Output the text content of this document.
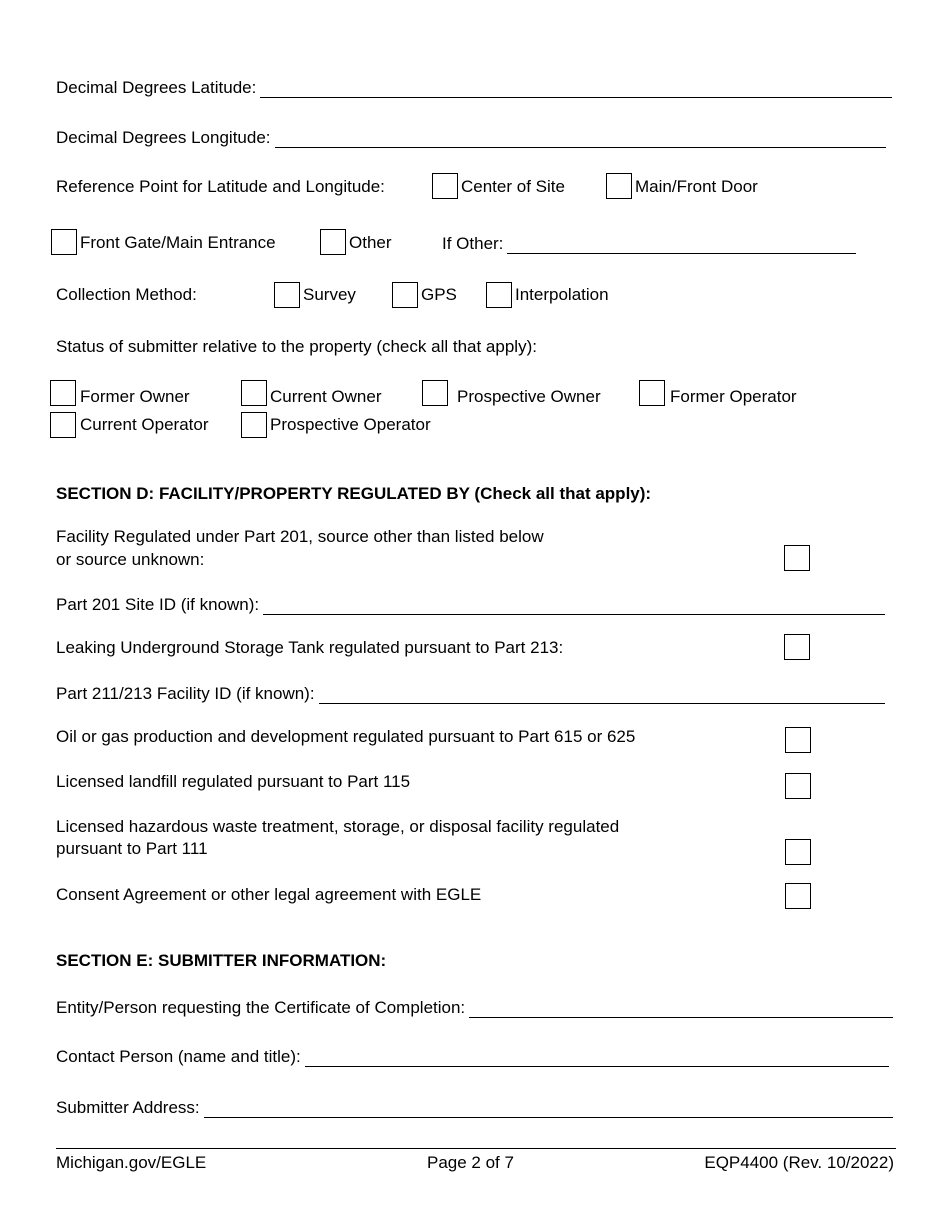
Decimal Degrees Latitude:
Decimal Degrees Longitude:
Reference Point for Latitude and Longitude:	Center of Site	Main/Front Door
Front Gate/Main Entrance	Other	If Other:
Collection Method:	Survey	GPS	Interpolation
Status of submitter relative to the property (check all that apply):
Former Owner	Current Owner	Prospective Owner	Former Operator
Current Operator	Prospective Operator
SECTION D: FACILITY/PROPERTY REGULATED BY (Check all that apply):
Facility Regulated under Part 201, source other than listed below
or source unknown:
Part 201 Site ID (if known):
Leaking Underground Storage Tank regulated pursuant to Part 213:
Part 211/213 Facility ID (if known):
Oil or gas production and development regulated pursuant to Part 615 or 625
Licensed landfill regulated pursuant to Part 115
Licensed hazardous waste treatment, storage, or disposal facility regulated
pursuant to Part 111
Consent Agreement or other legal agreement with EGLE
SECTION E: SUBMITTER INFORMATION:
Entity/Person requesting the Certificate of Completion:
Contact Person (name and title):
Submitter Address:
Michigan.gov/EGLE	Page 2 of 7	EQP4400 (Rev. 10/2022)
